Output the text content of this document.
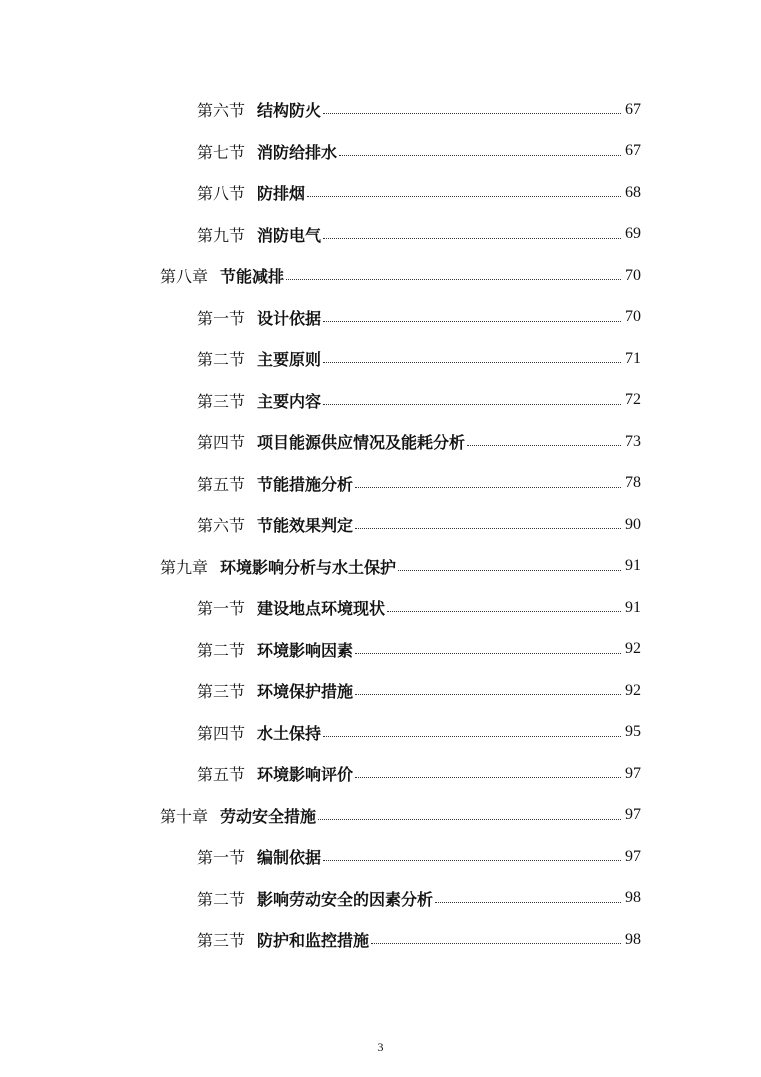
第六节 结构防火	67
第七节 消防给排水	67
第八节 防排烟	68
第九节 消防电气	69
第八章 节能减排	70
第一节 设计依据	70
第二节 主要原则	71
第三节 主要内容	72
第四节 项目能源供应情况及能耗分析	73
第五节 节能措施分析	78
第六节 节能效果判定	90
第九章 环境影响分析与水土保护	91
第一节 建设地点环境现状	91
第二节 环境影响因素	92
第三节 环境保护措施	92
第四节 水土保持	95
第五节 环境影响评价	97
第十章 劳动安全措施	97
第一节 编制依据	97
第二节 影响劳动安全的因素分析	98
第三节 防护和监控措施	98
3
